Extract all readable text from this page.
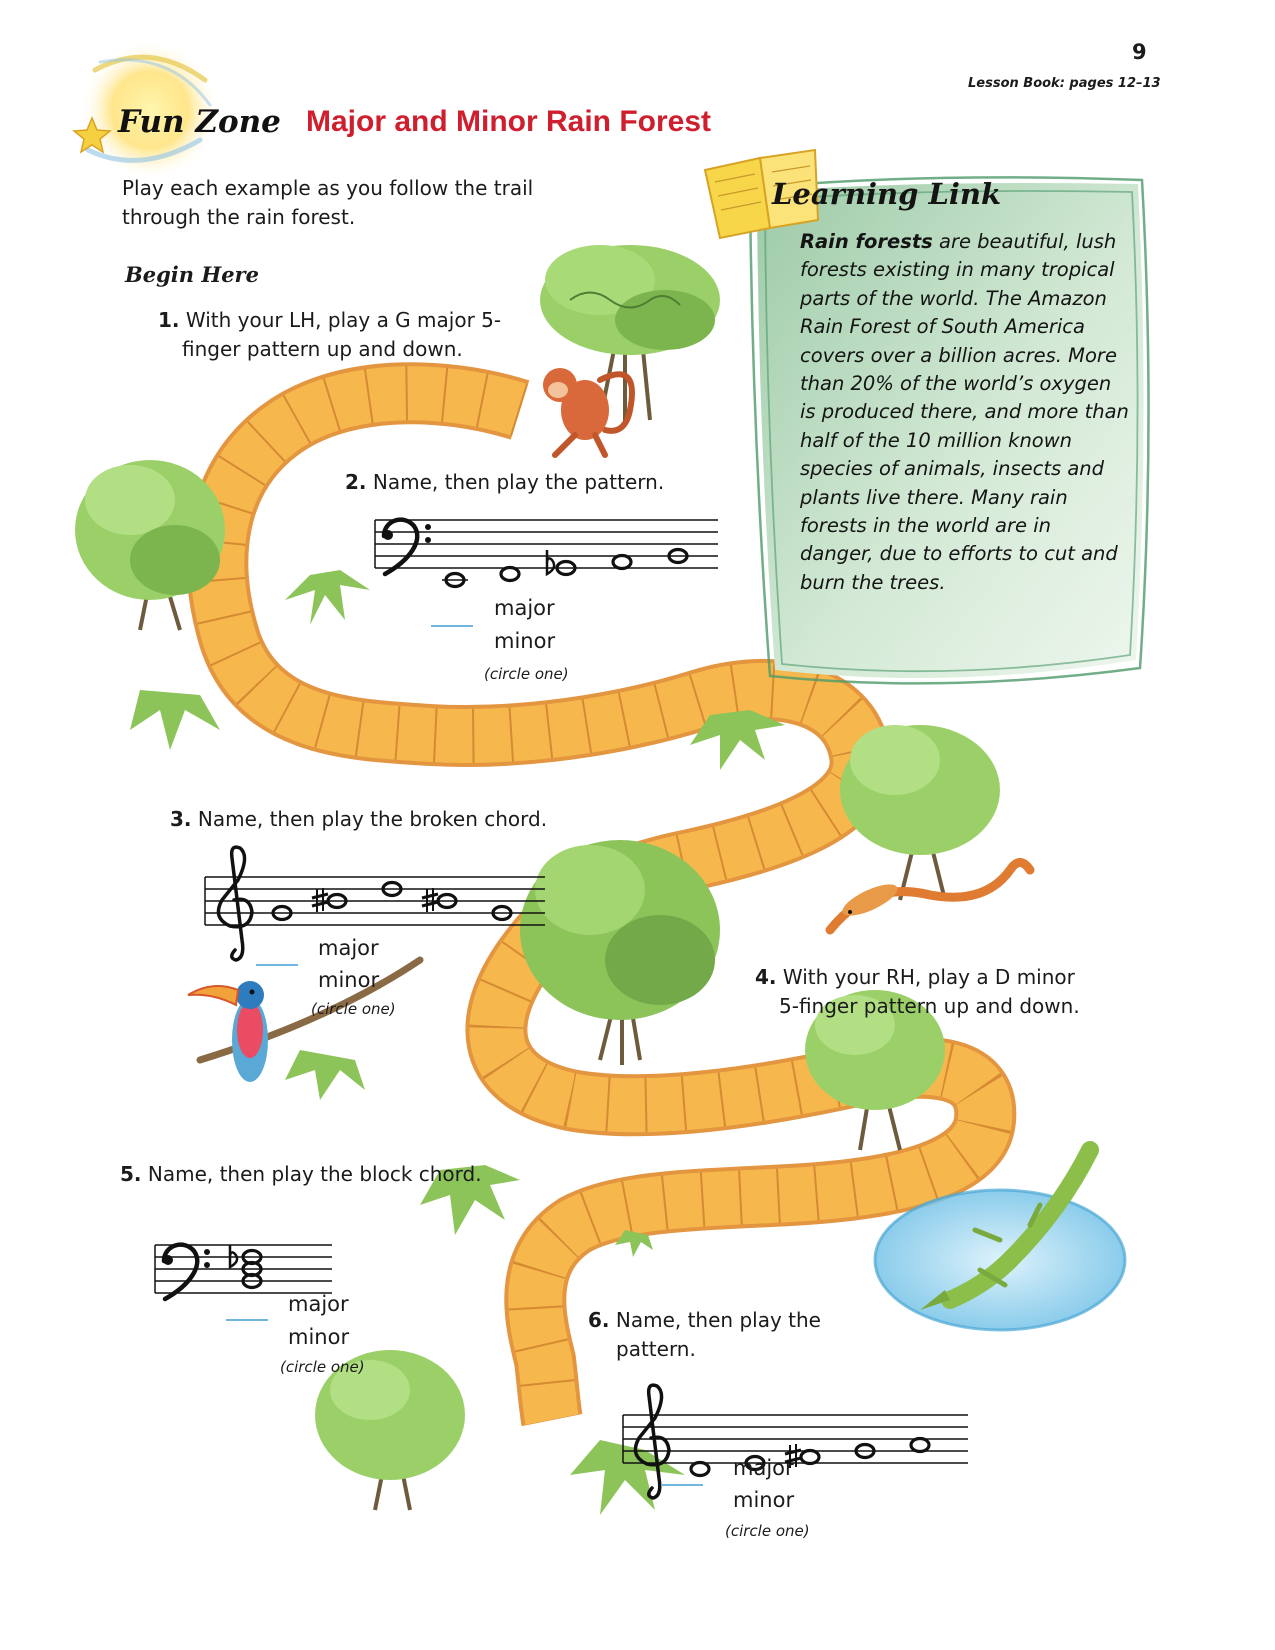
9
Lesson Book: pages 12–13
Fun Zone Major and Minor Rain Forest
Play each example as you follow the trail through the rain forest.
Begin Here
Learning Link
Rain forests are beautiful, lush forests existing in many tropical parts of the world. The Amazon Rain Forest of South America covers over a billion acres. More than 20% of the world’s oxygen is produced there, and more than half of the 10 million known species of animals, insects and plants live there. Many rain forests in the world are in danger, due to efforts to cut and burn the trees.
1. With your LH, play a G major 5-finger pattern up and down.
2. Name, then play the pattern.
major
minor
(circle one)
3. Name, then play the broken chord.
major
minor
(circle one)
4. With your RH, play a D minor 5-finger pattern up and down.
5. Name, then play the block chord.
major
minor
(circle one)
6. Name, then play the pattern.
major
minor
(circle one)
